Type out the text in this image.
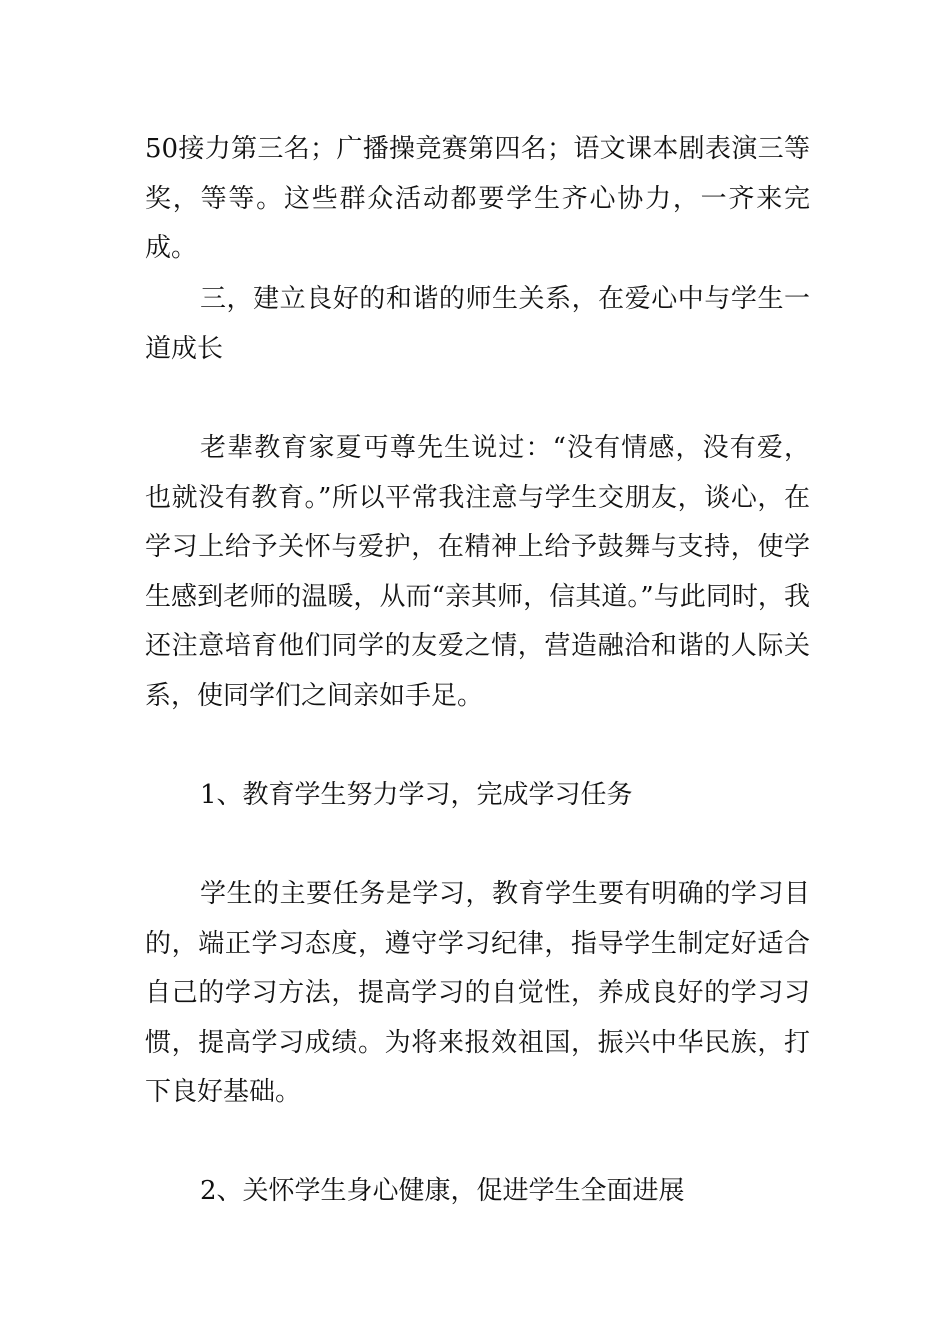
50接力第三名；广播操竞赛第四名；语文课本剧表演三等奖，等等。这些群众活动都要学生齐心协力，一齐来完成。

三，建立良好的和谐的师生关系，在爱心中与学生一道成长

老辈教育家夏丏尊先生说过：“没有情感，没有爱，也就没有教育。”所以平常我注意与学生交朋友，谈心，在学习上给予关怀与爱护，在精神上给予鼓舞与支持，使学生感到老师的温暖，从而“亲其师，信其道。”与此同时，我还注意培育他们同学的友爱之情，营造融洽和谐的人际关系，使同学们之间亲如手足。

1、教育学生努力学习，完成学习任务

学生的主要任务是学习，教育学生要有明确的学习目的，端正学习态度，遵守学习纪律，指导学生制定好适合自己的学习方法，提高学习的自觉性，养成良好的学习习惯，提高学习成绩。为将来报效祖国，振兴中华民族，打下良好基础。

2、关怀学生身心健康，促进学生全面进展
